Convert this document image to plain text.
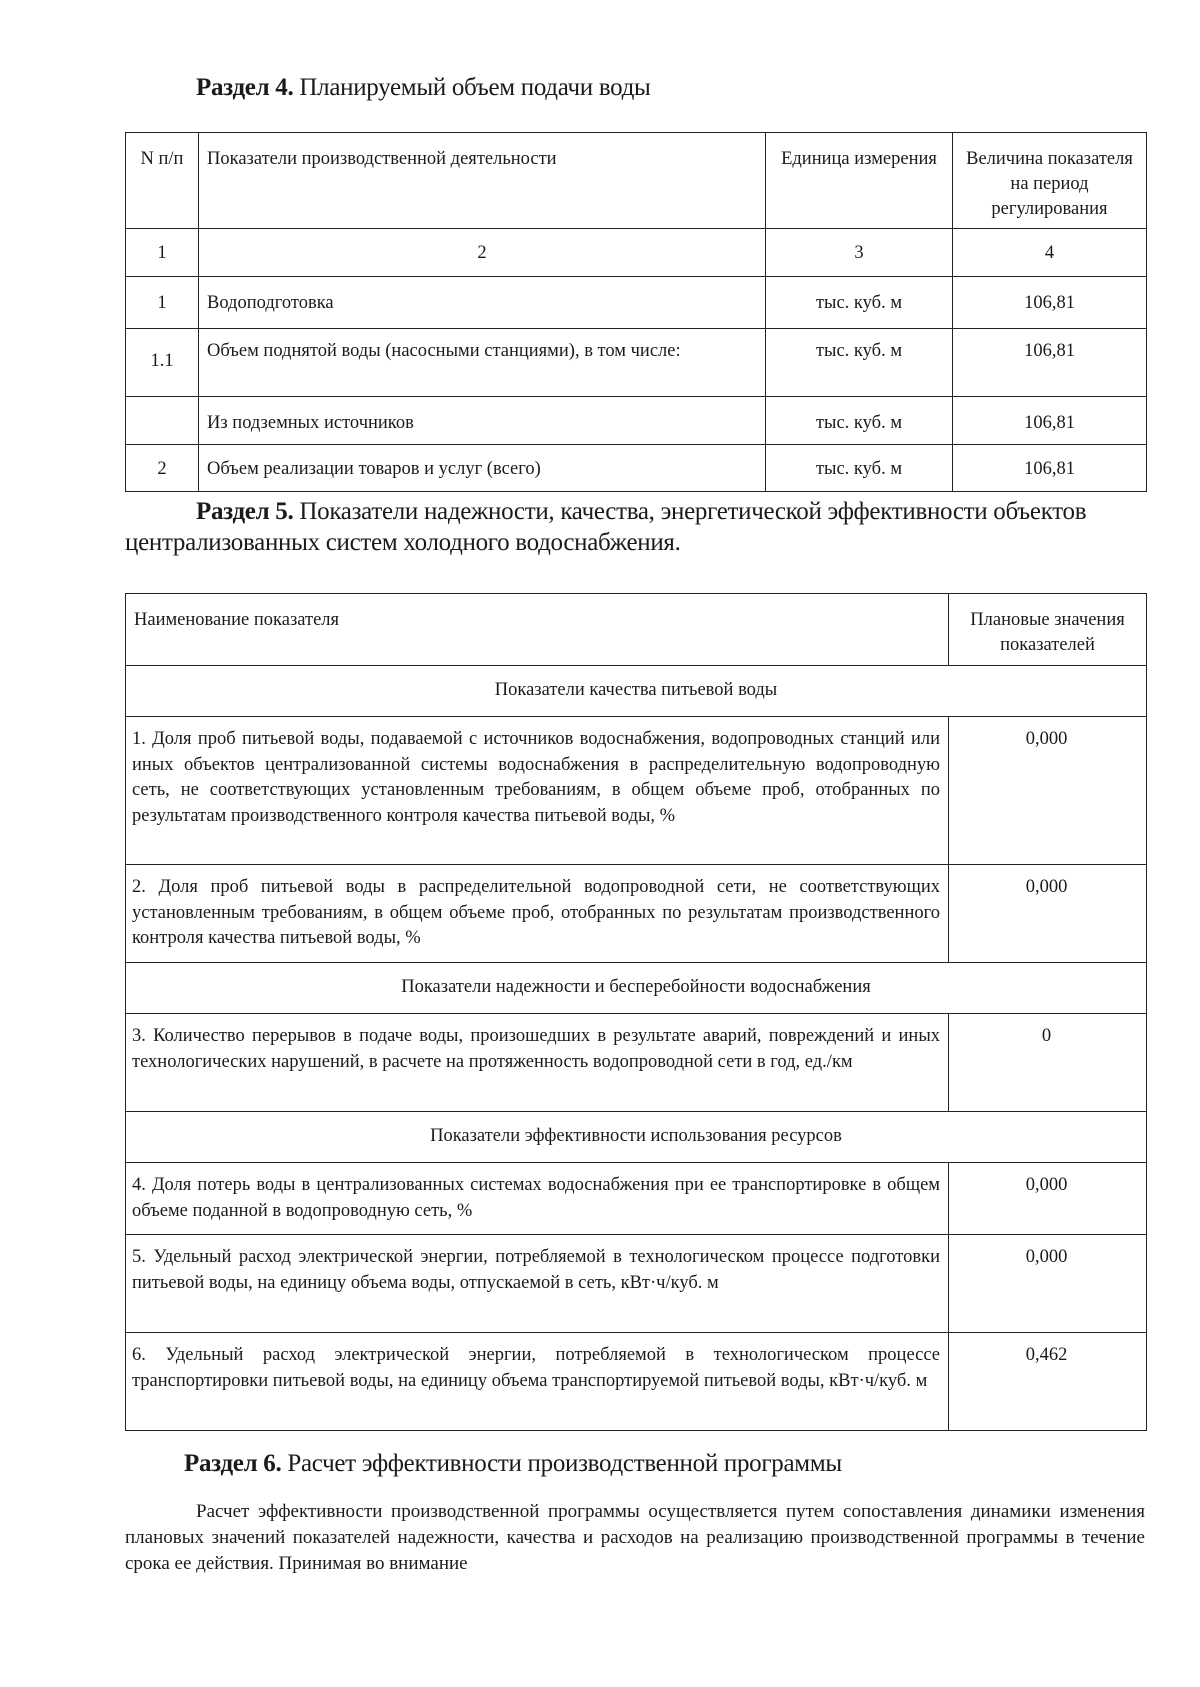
Раздел 4. Планируемый объем подачи воды
N п/п	Показатели производственной деятельности	Единица измерения	Величина показателя на период регулирования
1	2	3	4
1	Водоподготовка	тыс. куб. м	106,81
1.1	Объем поднятой воды (насосными станциями), в том числе:	тыс. куб. м	106,81
	Из подземных источников	тыс. куб. м	106,81
2	Объем реализации товаров и услуг (всего)	тыс. куб. м	106,81
Раздел 5. Показатели надежности, качества, энергетической эффективности объектов централизованных систем холодного водоснабжения.
Наименование показателя	Плановые значения показателей
Показатели качества питьевой воды	
1. Доля проб питьевой воды, подаваемой с источников водоснабжения, водопроводных станций или иных объектов централизованной системы водоснабжения в распределительную водопроводную сеть, не соответствующих установленным требованиям, в общем объеме проб, отобранных по результатам производственного контроля качества питьевой воды, %	0,000
2. Доля проб питьевой воды в распределительной водопроводной сети, не соответствующих установленным требованиям, в общем объеме проб, отобранных по результатам производственного контроля качества питьевой воды, %	0,000
Показатели надежности и бесперебойности водоснабжения	
3. Количество перерывов в подаче воды, произошедших в результате аварий, повреждений и иных технологических нарушений, в расчете на протяженность водопроводной сети в год, ед./км	0
Показатели эффективности использования ресурсов	
4. Доля потерь воды в централизованных системах водоснабжения при ее транспортировке в общем объеме поданной в водопроводную сеть, %	0,000
5. Удельный расход электрической энергии, потребляемой в технологическом процессе подготовки питьевой воды, на единицу объема воды, отпускаемой в сеть, кВт·ч/куб. м	0,000
6. Удельный расход электрической энергии, потребляемой в технологическом процессе транспортировки питьевой воды, на единицу объема транспортируемой питьевой воды, кВт·ч/куб. м	0,462
Раздел 6. Расчет эффективности производственной программы
Расчет эффективности производственной программы осуществляется путем сопоставления динамики изменения плановых значений показателей надежности, качества и расходов на реализацию производственной программы в течение срока ее действия. Принимая во внимание
